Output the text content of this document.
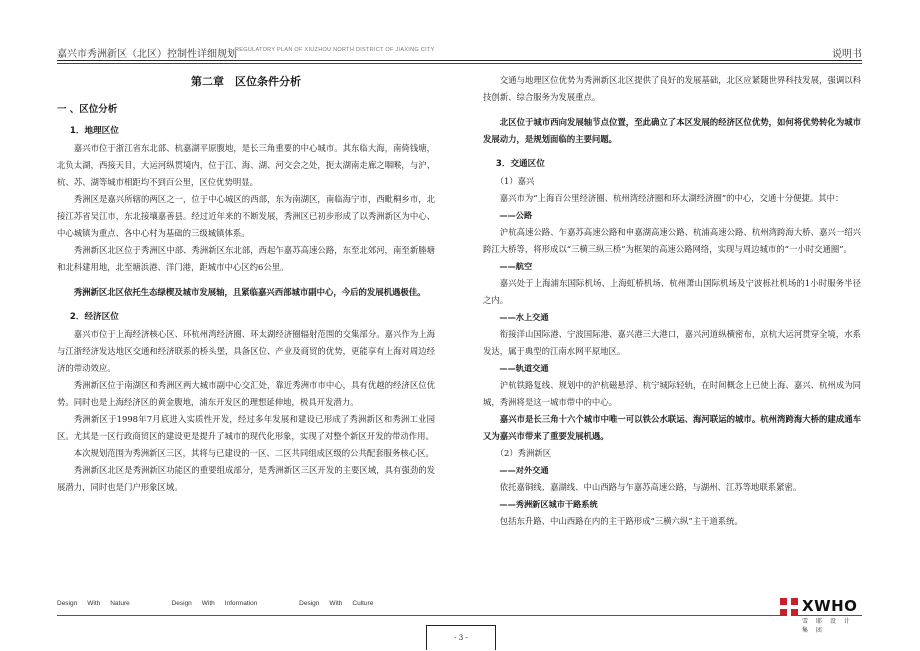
嘉兴市秀洲新区（北区）控制性详细规划
REGULATORY PLAN OF XIUZHOU NORTH DISTRICT OF JIAXING CITY	说明书
第二章　区位条件分析
一 、区位分析
1．地理区位

嘉兴市位于浙江省东北部、杭嘉湖平原腹地，是长三角重要的中心城市。其东临大海，南倚钱塘，北负太湖，西接天目，大运河纵贯境内，位于江、海、湖、河交会之处，扼太湖南走廊之咽喉，与沪、杭、苏、湖等城市相距均不到百公里，区位优势明显。

秀洲区是嘉兴所辖的两区之一，位于中心城区的西部，东为南湖区，南临海宁市，西毗桐乡市，北接江苏省吴江市，东北接壤嘉善县。经过近年来的不断发展，秀洲区已初步形成了以秀洲新区为中心、中心城镇为重点、各中心村为基础的三级城镇体系。

秀洲新区北区位于秀洲区中部、秀洲新区东北部，西起乍嘉苏高速公路，东至北郊河，南至新塍塘和北科建用地，北至塘浜港、洋门港，距城市中心区约6公里。

秀洲新区北区依托生态绿楔及城市发展轴，且紧临嘉兴西部城市副中心，今后的发展机遇极佳。

2．经济区位

嘉兴市位于上海经济核心区、环杭州湾经济圈、环太湖经济圈辐射范围的交集部分。嘉兴作为上海与江浙经济发达地区交通和经济联系的桥头堡，具备区位、产业及商贸的优势，更能享有上海对周边经济的带动效应。

秀洲新区位于南湖区和秀洲区两大城市副中心交汇处，靠近秀洲市市中心，具有优越的经济区位优势。同时也是上海经济区的黄金腹地，浦东开发区的理想延伸地，极具开发潜力。

秀洲新区于1998年7月底进入实质性开发，经过多年发展和建设已形成了秀洲新区和秀洲工业园区。尤其是一区行政商贸区的建设更是提升了城市的现代化形象，实现了对整个新区开发的带动作用。

本次规划范围为秀洲新区三区，其将与已建设的一区、二区共同组成区级的公共配套服务核心区。

秀洲新区北区是秀洲新区功能区的重要组成部分，是秀洲新区三区开发的主要区域，具有强劲的发展潜力，同时也是门户形象区域。

交通与地理区位优势为秀洲新区北区提供了良好的发展基础，北区应紧随世界科技发展，强调以科技创新、综合服务为发展重点。

北区位于城市西向发展轴节点位置，至此确立了本区发展的经济区位优势，如何将优势转化为城市发展动力，是规划面临的主要问题。

3．交通区位
（1）嘉兴

嘉兴市为“上海百公里经济圈、杭州湾经济圈和环太湖经济圈”的中心，交通十分便捷。其中：

——公路

沪杭高速公路、乍嘉苏高速公路和申嘉湖高速公路、杭浦高速公路、杭州湾跨海大桥、嘉兴一绍兴跨江大桥等，将形成以“三横三纵三桥”为框架的高速公路网络，实现与周边城市的“一小时交通圈”。

——航空

嘉兴处于上海浦东国际机场、上海虹桥机场、杭州萧山国际机场及宁波栎社机场的1小时服务半径之内。

——水上交通

衔接洋山国际港、宁波国际港、嘉兴港三大港口，嘉兴河道纵横密布，京杭大运河贯穿全境，水系发达，属于典型的江南水网平原地区。

——轨道交通

沪杭铁路复线、规划中的沪杭磁悬浮、杭宁城际轻轨，在时间概念上已使上海、嘉兴、杭州成为同城，秀洲将是这一城市带中的中心。

嘉兴市是长三角十六个城市中唯一可以铁公水联运、海河联运的城市。杭州湾跨海大桥的建成通车又为嘉兴市带来了重要发展机遇。

（2）秀洲新区
——对外交通

依托嘉铜线、嘉湖线、中山西路与乍嘉苏高速公路，与湖州、江苏等地联系紧密。

——秀洲新区城市干路系统

包括东升路、中山西路在内的主干路形成“三横六纵”主干道系统。

Design With Nature	Design With Information	Design With Culture
- 3 -
XWHO
雪 耶 设 计 集 团
